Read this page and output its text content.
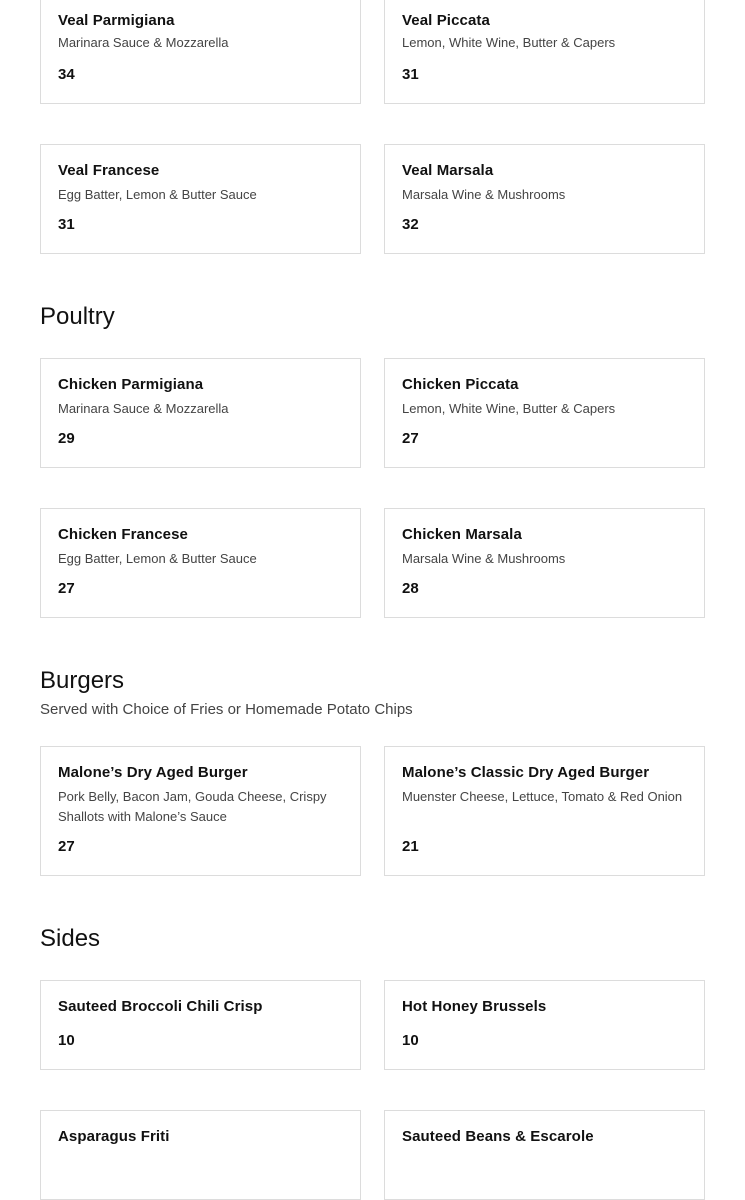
Veal Parmigiana
Marinara Sauce & Mozzarella
34
Veal Piccata
Lemon, White Wine, Butter & Capers
31
Veal Francese
Egg Batter, Lemon & Butter Sauce
31
Veal Marsala
Marsala Wine & Mushrooms
32
Poultry
Chicken Parmigiana
Marinara Sauce & Mozzarella
29
Chicken Piccata
Lemon, White Wine, Butter & Capers
27
Chicken Francese
Egg Batter, Lemon & Butter Sauce
27
Chicken Marsala
Marsala Wine & Mushrooms
28
Burgers
Served with Choice of Fries or Homemade Potato Chips
Malone’s Dry Aged Burger
Pork Belly, Bacon Jam, Gouda Cheese, Crispy Shallots with Malone’s Sauce
27
Malone’s Classic Dry Aged Burger
Muenster Cheese, Lettuce, Tomato & Red Onion
21
Sides
Sauteed Broccoli Chili Crisp
10
Hot Honey Brussels
10
Asparagus Friti	Sauteed Beans & Escarole
